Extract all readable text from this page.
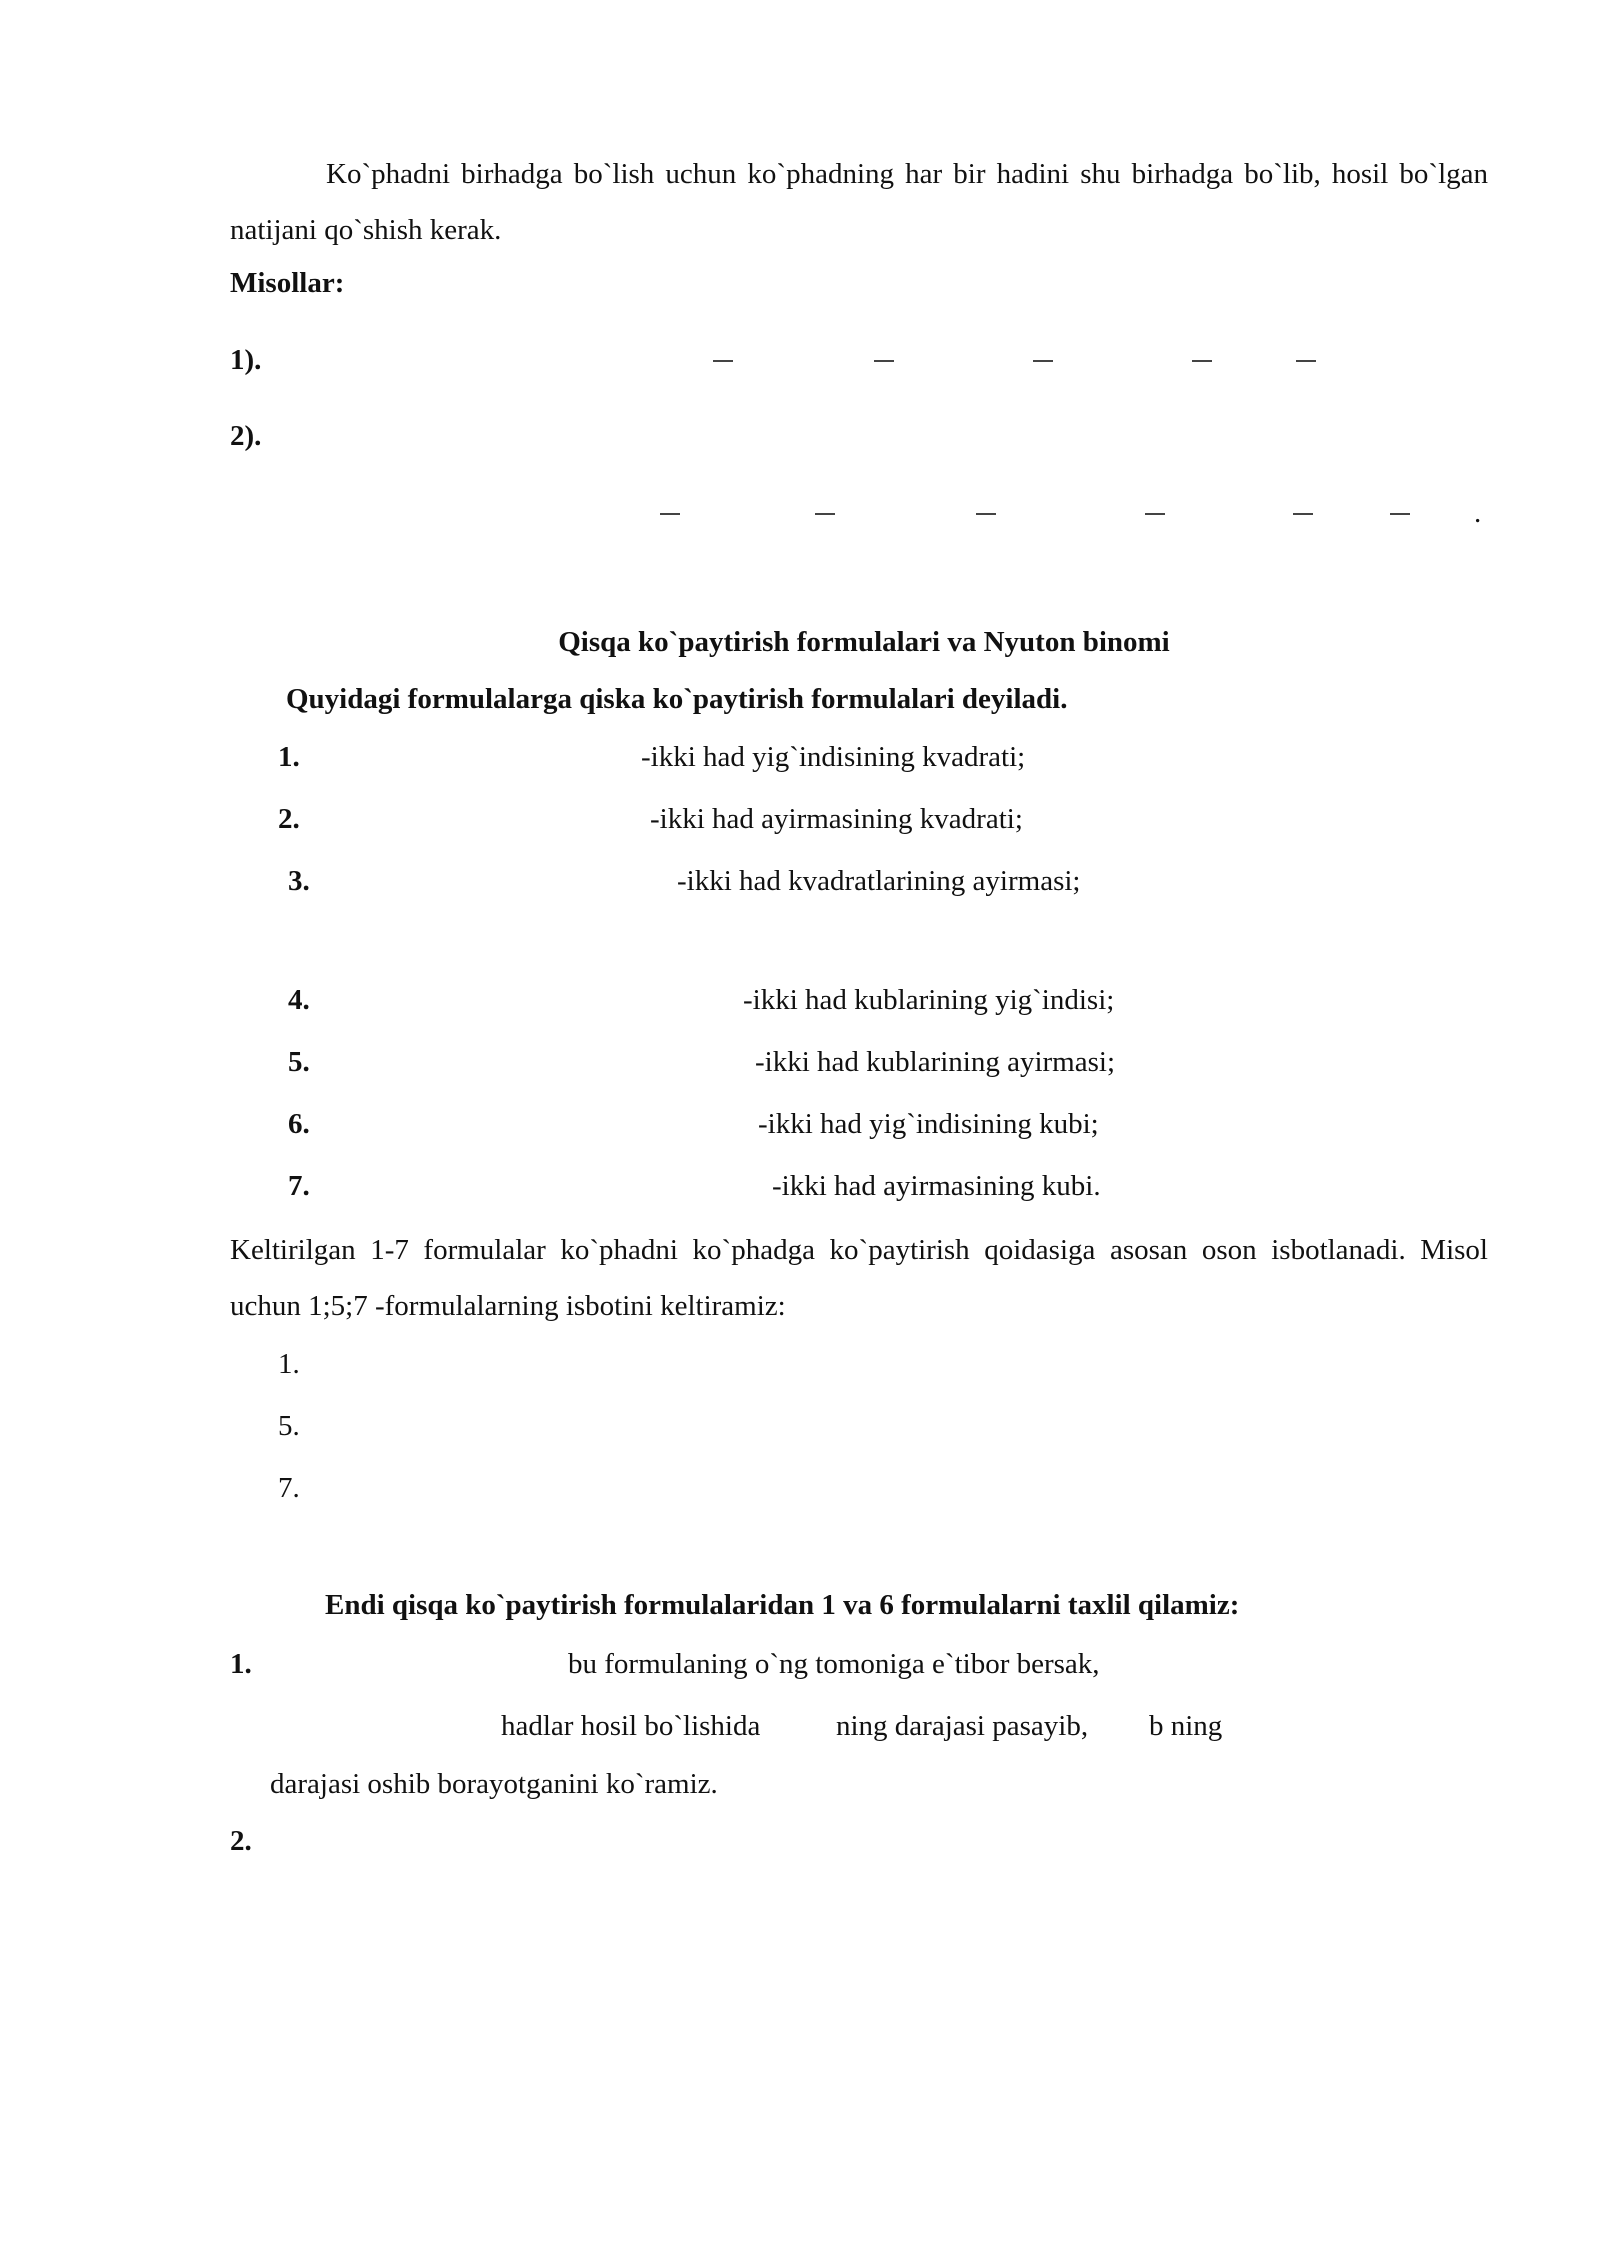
Ko`phadni birhadga bo`lish uchun ko`phadning har bir hadini shu birhadga bo`lib, hosil bo`lgan natijani qo`shish kerak.

Misollar:
1).
2).
.
Qisqa ko`paytirish formulalari va Nyuton binomi
Quyidagi formulalarga qiska ko`paytirish formulalari deyiladi.
1.	-ikki had yig`indisining kvadrati;
2.	-ikki had ayirmasining kvadrati;
3.	-ikki had kvadratlarining ayirmasi;
4.	-ikki had kublarining yig`indisi;
5.	-ikki had kublarining ayirmasi;
6.	-ikki had yig`indisining kubi;
7.	-ikki had ayirmasining kubi.

Keltirilgan 1-7 formulalar ko`phadni ko`phadga ko`paytirish qoidasiga asosan oson isbotlanadi. Misol uchun 1;5;7 -formulalarning isbotini keltiramiz:

1.
5.
7.
Endi qisqa ko`paytirish formulalaridan 1 va 6 formulalarni taxlil qilamiz:
1.	bu formulaning o`ng tomoniga e`tibor bersak,
hadlar hosil bo`lishida	ning darajasi pasayib, b ning
darajasi oshib borayotganini ko`ramiz.
2.
